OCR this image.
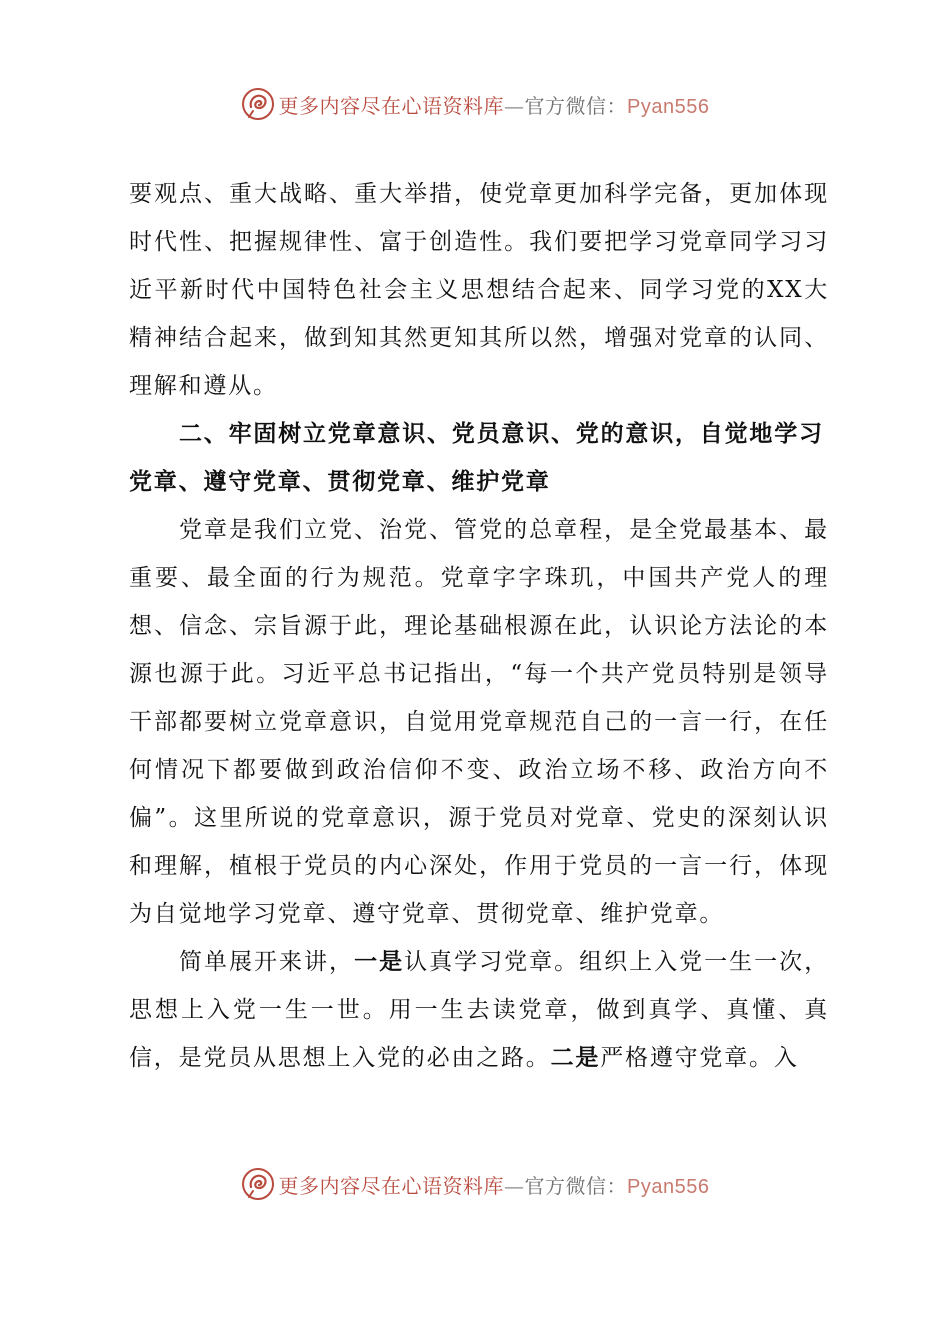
更多内容尽在心语资料库—官方微信：Pyan556

要观点、重大战略、重大举措，使党章更加科学完备，更加体现时代性、把握规律性、富于创造性。我们要把学习党章同学习习近平新时代中国特色社会主义思想结合起来、同学习党的XX大精神结合起来，做到知其然更知其所以然，增强对党章的认同、理解和遵从。

二、牢固树立党章意识、党员意识、党的意识，自觉地学习党章、遵守党章、贯彻党章、维护党章

党章是我们立党、治党、管党的总章程，是全党最基本、最重要、最全面的行为规范。党章字字珠玑，中国共产党人的理想、信念、宗旨源于此，理论基础根源在此，认识论方法论的本源也源于此。习近平总书记指出，“每一个共产党员特别是领导干部都要树立党章意识，自觉用党章规范自己的一言一行，在任何情况下都要做到政治信仰不变、政治立场不移、政治方向不偏”。这里所说的党章意识，源于党员对党章、党史的深刻认识和理解，植根于党员的内心深处，作用于党员的一言一行，体现为自觉地学习党章、遵守党章、贯彻党章、维护党章。

简单展开来讲，一是认真学习党章。组织上入党一生一次，思想上入党一生一世。用一生去读党章，做到真学、真懂、真信，是党员从思想上入党的必由之路。二是严格遵守党章。入

更多内容尽在心语资料库—官方微信：Pyan556
